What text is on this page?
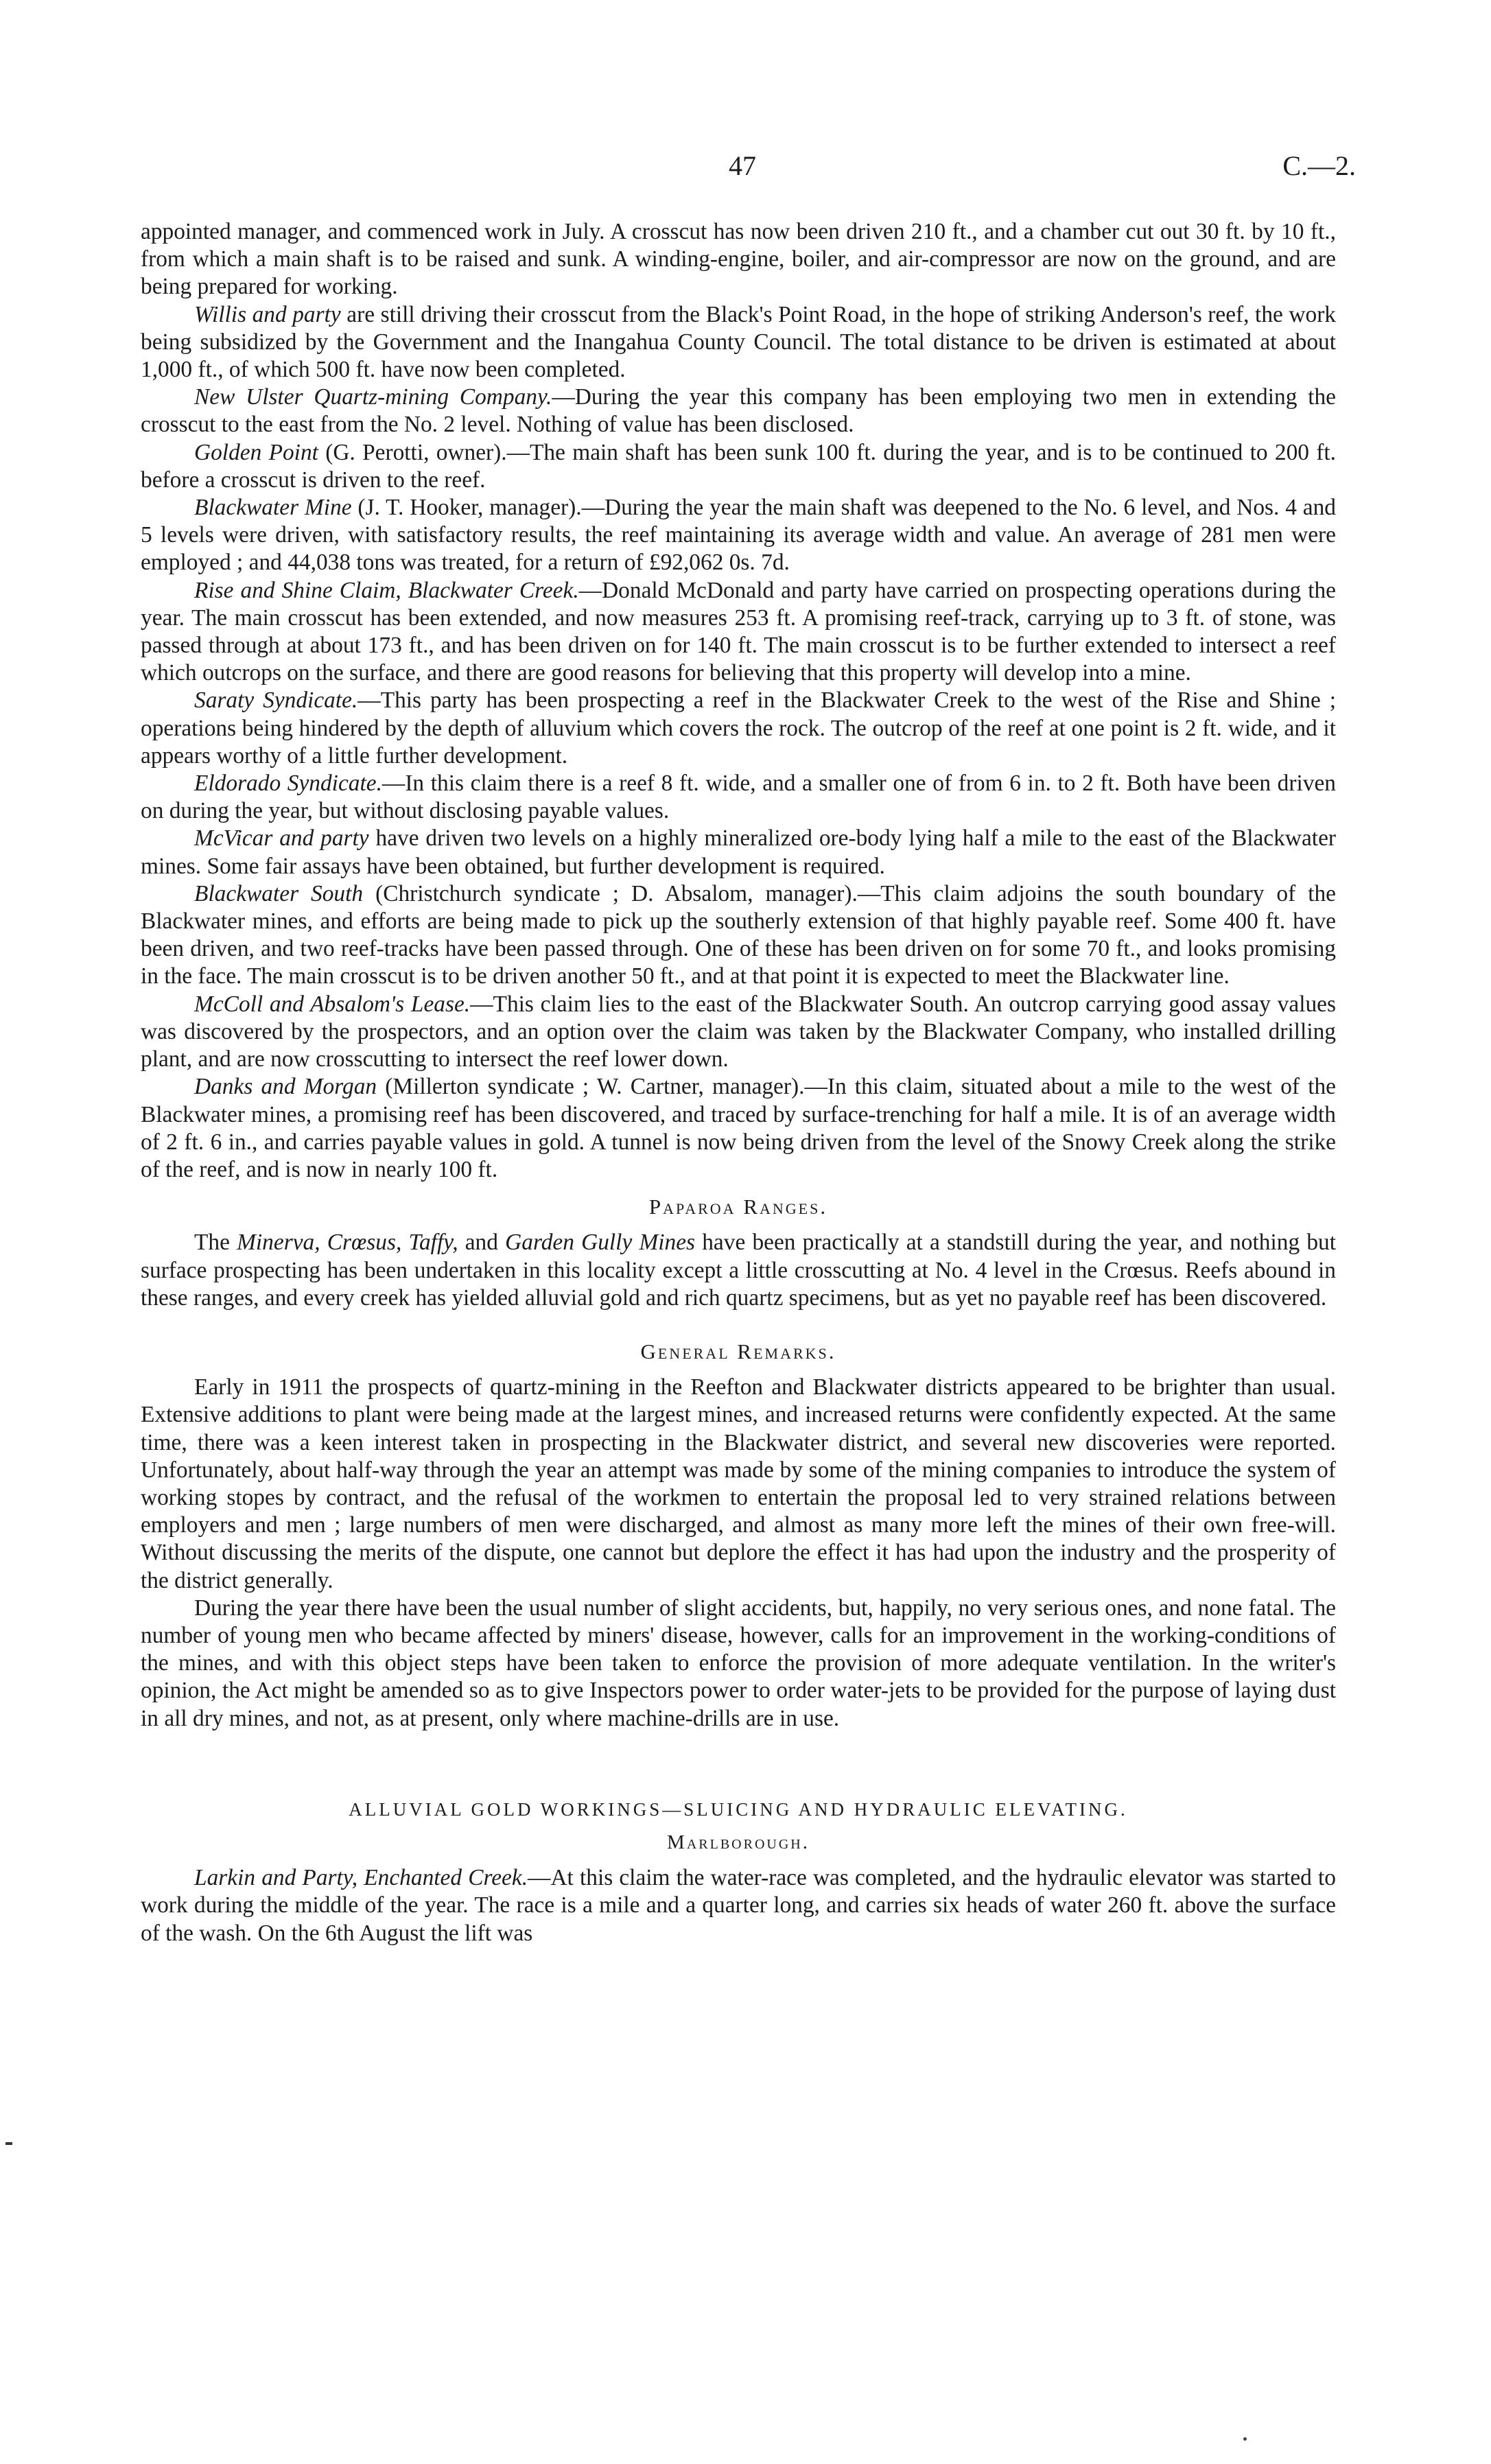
47	C.—2.

appointed manager, and commenced work in July. A crosscut has now been driven 210 ft., and a chamber cut out 30 ft. by 10 ft., from which a main shaft is to be raised and sunk. A winding-engine, boiler, and air-compressor are now on the ground, and are being prepared for working.

Willis and party are still driving their crosscut from the Black's Point Road, in the hope of striking Anderson's reef, the work being subsidized by the Government and the Inangahua County Council. The total distance to be driven is estimated at about 1,000 ft., of which 500 ft. have now been completed.

New Ulster Quartz-mining Company.—During the year this company has been employing two men in extending the crosscut to the east from the No. 2 level. Nothing of value has been disclosed.

Golden Point (G. Perotti, owner).—The main shaft has been sunk 100 ft. during the year, and is to be continued to 200 ft. before a crosscut is driven to the reef.

Blackwater Mine (J. T. Hooker, manager).—During the year the main shaft was deepened to the No. 6 level, and Nos. 4 and 5 levels were driven, with satisfactory results, the reef maintaining its average width and value. An average of 281 men were employed ; and 44,038 tons was treated, for a return of £92,062 0s. 7d.

Rise and Shine Claim, Blackwater Creek.—Donald McDonald and party have carried on prospecting operations during the year. The main crosscut has been extended, and now measures 253 ft. A promising reef-track, carrying up to 3 ft. of stone, was passed through at about 173 ft., and has been driven on for 140 ft. The main crosscut is to be further extended to intersect a reef which outcrops on the surface, and there are good reasons for believing that this property will develop into a mine.

Saraty Syndicate.—This party has been prospecting a reef in the Blackwater Creek to the west of the Rise and Shine ; operations being hindered by the depth of alluvium which covers the rock. The outcrop of the reef at one point is 2 ft. wide, and it appears worthy of a little further development.

Eldorado Syndicate.—In this claim there is a reef 8 ft. wide, and a smaller one of from 6 in. to 2 ft. Both have been driven on during the year, but without disclosing payable values.

McVicar and party have driven two levels on a highly mineralized ore-body lying half a mile to the east of the Blackwater mines. Some fair assays have been obtained, but further development is required.

Blackwater South (Christchurch syndicate ; D. Absalom, manager).—This claim adjoins the south boundary of the Blackwater mines, and efforts are being made to pick up the southerly extension of that highly payable reef. Some 400 ft. have been driven, and two reef-tracks have been passed through. One of these has been driven on for some 70 ft., and looks promising in the face. The main crosscut is to be driven another 50 ft., and at that point it is expected to meet the Blackwater line.

McColl and Absalom's Lease.—This claim lies to the east of the Blackwater South. An outcrop carrying good assay values was discovered by the prospectors, and an option over the claim was taken by the Blackwater Company, who installed drilling plant, and are now crosscutting to intersect the reef lower down.

Danks and Morgan (Millerton syndicate ; W. Cartner, manager).—In this claim, situated about a mile to the west of the Blackwater mines, a promising reef has been discovered, and traced by surface-trenching for half a mile. It is of an average width of 2 ft. 6 in., and carries payable values in gold. A tunnel is now being driven from the level of the Snowy Creek along the strike of the reef, and is now in nearly 100 ft.

Paparoa Ranges.

The Minerva, Crœsus, Taffy, and Garden Gully Mines have been practically at a standstill during the year, and nothing but surface prospecting has been undertaken in this locality except a little crosscutting at No. 4 level in the Crœsus. Reefs abound in these ranges, and every creek has yielded alluvial gold and rich quartz specimens, but as yet no payable reef has been discovered.

General Remarks.

Early in 1911 the prospects of quartz-mining in the Reefton and Blackwater districts appeared to be brighter than usual. Extensive additions to plant were being made at the largest mines, and increased returns were confidently expected. At the same time, there was a keen interest taken in prospecting in the Blackwater district, and several new discoveries were reported. Unfortunately, about half-way through the year an attempt was made by some of the mining companies to introduce the system of working stopes by contract, and the refusal of the workmen to entertain the proposal led to very strained relations between employers and men ; large numbers of men were discharged, and almost as many more left the mines of their own free-will. Without discussing the merits of the dispute, one cannot but deplore the effect it has had upon the industry and the prosperity of the district generally.

During the year there have been the usual number of slight accidents, but, happily, no very serious ones, and none fatal. The number of young men who became affected by miners' disease, however, calls for an improvement in the working-conditions of the mines, and with this object steps have been taken to enforce the provision of more adequate ventilation. In the writer's opinion, the Act might be amended so as to give Inspectors power to order water-jets to be provided for the purpose of laying dust in all dry mines, and not, as at present, only where machine-drills are in use.

ALLUVIAL GOLD WORKINGS—SLUICING AND HYDRAULIC ELEVATING.
Marlborough.

Larkin and Party, Enchanted Creek.—At this claim the water-race was completed, and the hydraulic elevator was started to work during the middle of the year. The race is a mile and a quarter long, and carries six heads of water 260 ft. above the surface of the wash. On the 6th August the lift was
